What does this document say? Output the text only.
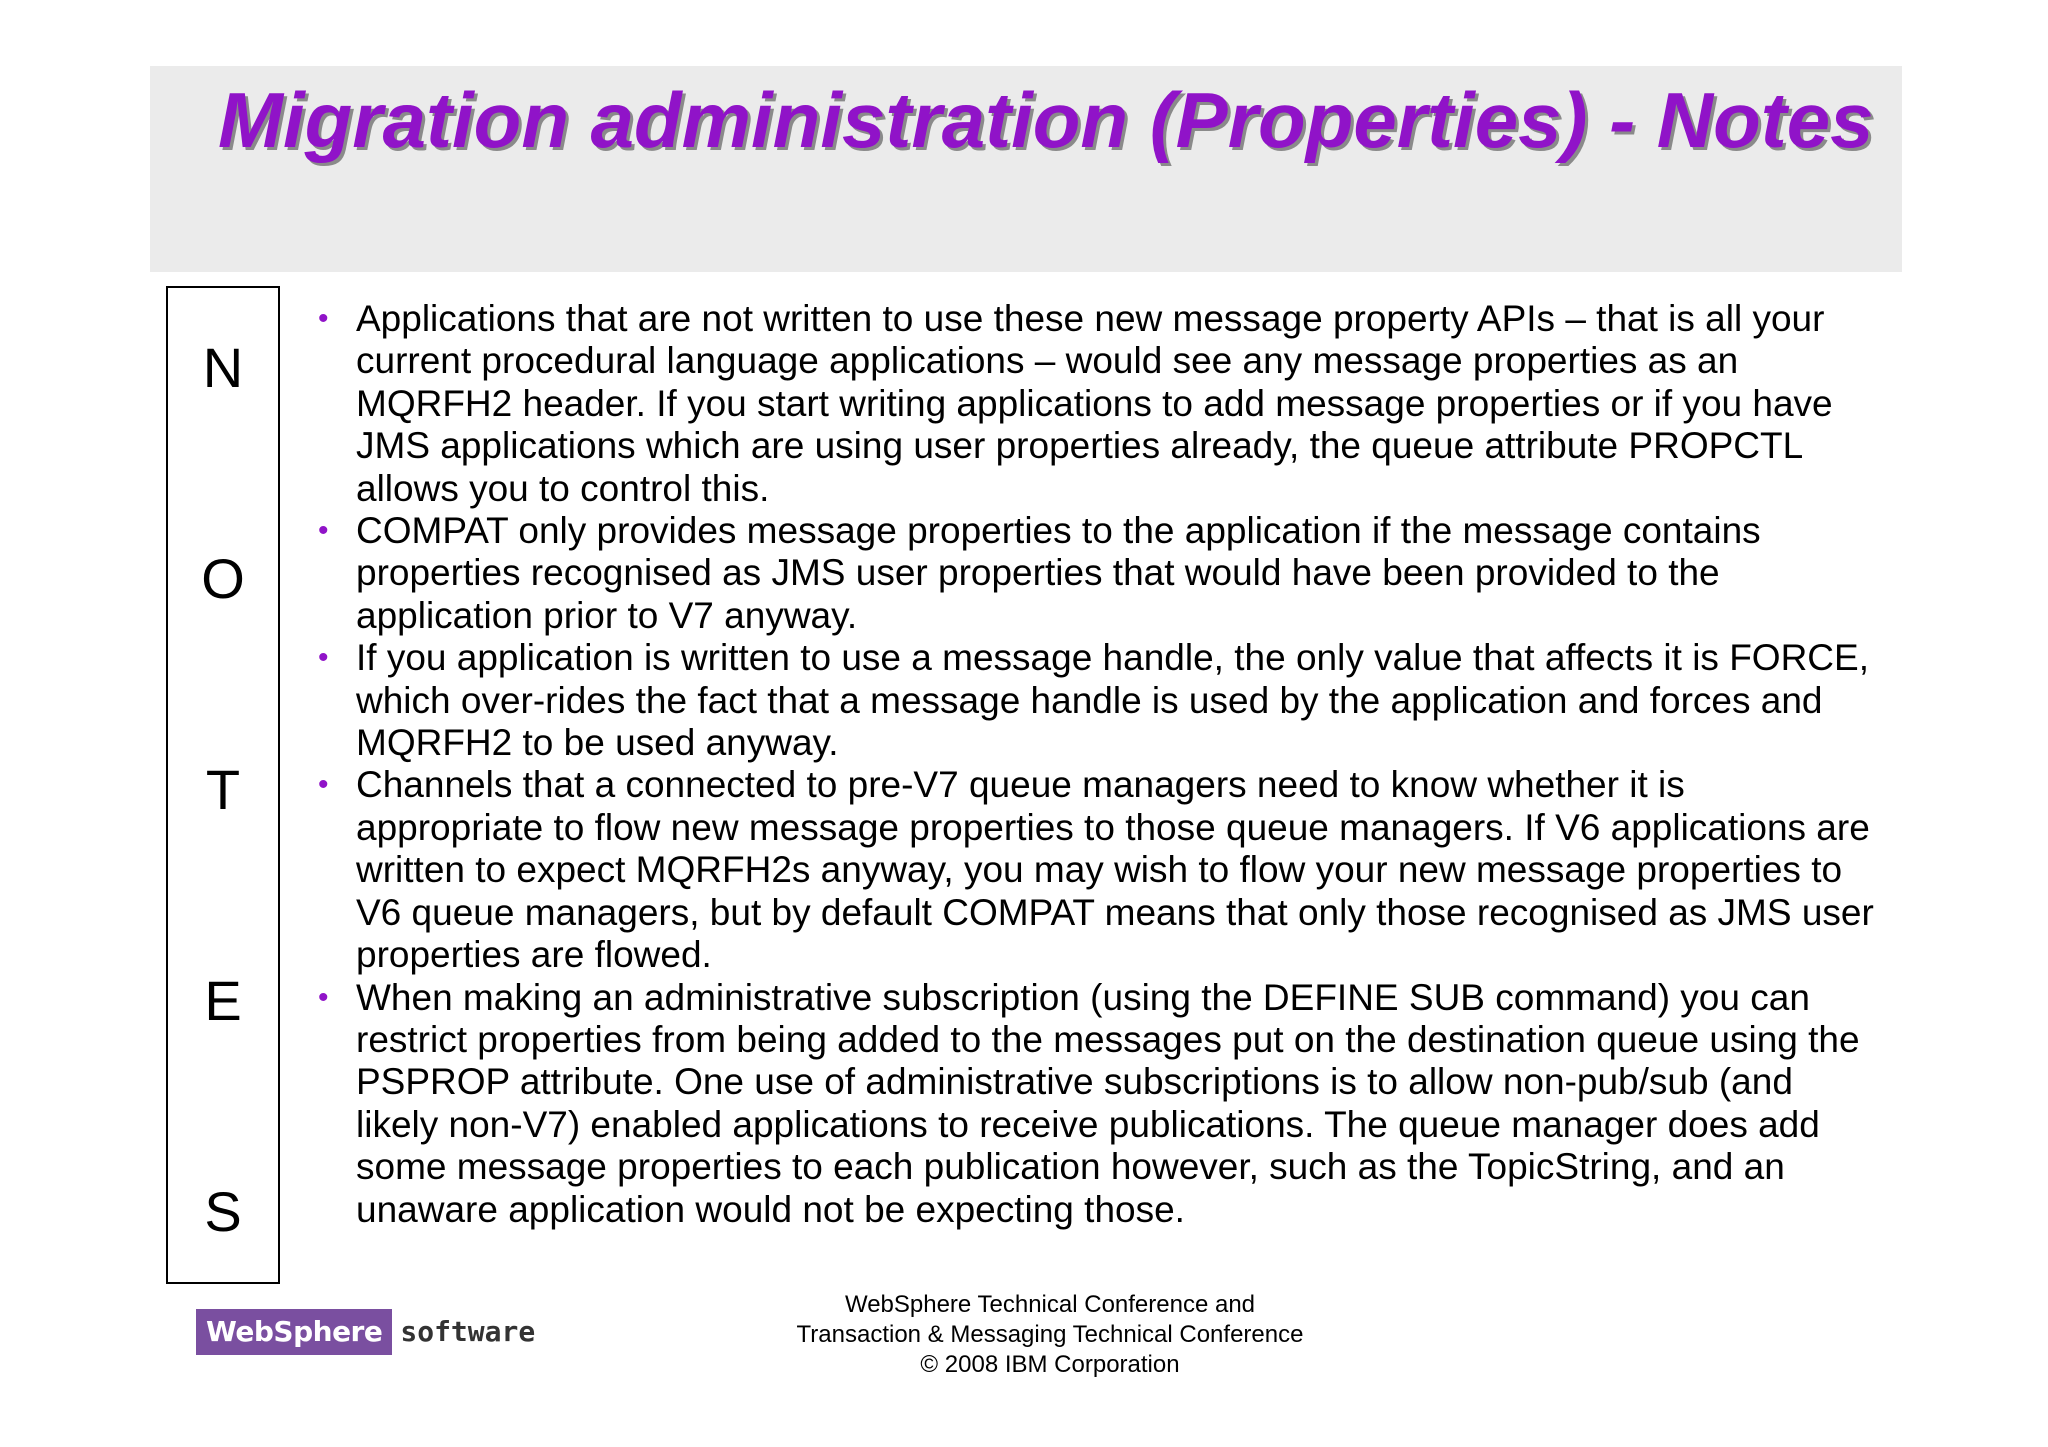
Migration administration (Properties) - Notes
N
O
T
E
S
• Applications that are not written to use these new message property APIs – that is all your current procedural language applications – would see any message properties as an MQRFH2 header. If you start writing applications to add message properties or if you have JMS applications which are using user properties already, the queue attribute PROPCTL allows you to control this.
• COMPAT only provides message properties to the application if the message contains properties recognised as JMS user properties that would have been provided to the application prior to V7 anyway.
• If you application is written to use a message handle, the only value that affects it is FORCE, which over-rides the fact that a message handle is used by the application and forces and MQRFH2 to be used anyway.
• Channels that a connected to pre-V7 queue managers need to know whether it is appropriate to flow new message properties to those queue managers. If V6 applications are written to expect MQRFH2s anyway, you may wish to flow your new message properties to V6 queue managers, but by default COMPAT means that only those recognised as JMS user properties are flowed.
• When making an administrative subscription (using the DEFINE SUB command) you can restrict properties from being added to the messages put on the destination queue using the PSPROP attribute. One use of administrative subscriptions is to allow non-pub/sub (and likely non-V7) enabled applications to receive publications. The queue manager does add some message properties to each publication however, such as the TopicString, and an unaware application would not be expecting those.
WebSphere software
WebSphere Technical Conference and
Transaction & Messaging Technical Conference
© 2008 IBM Corporation
